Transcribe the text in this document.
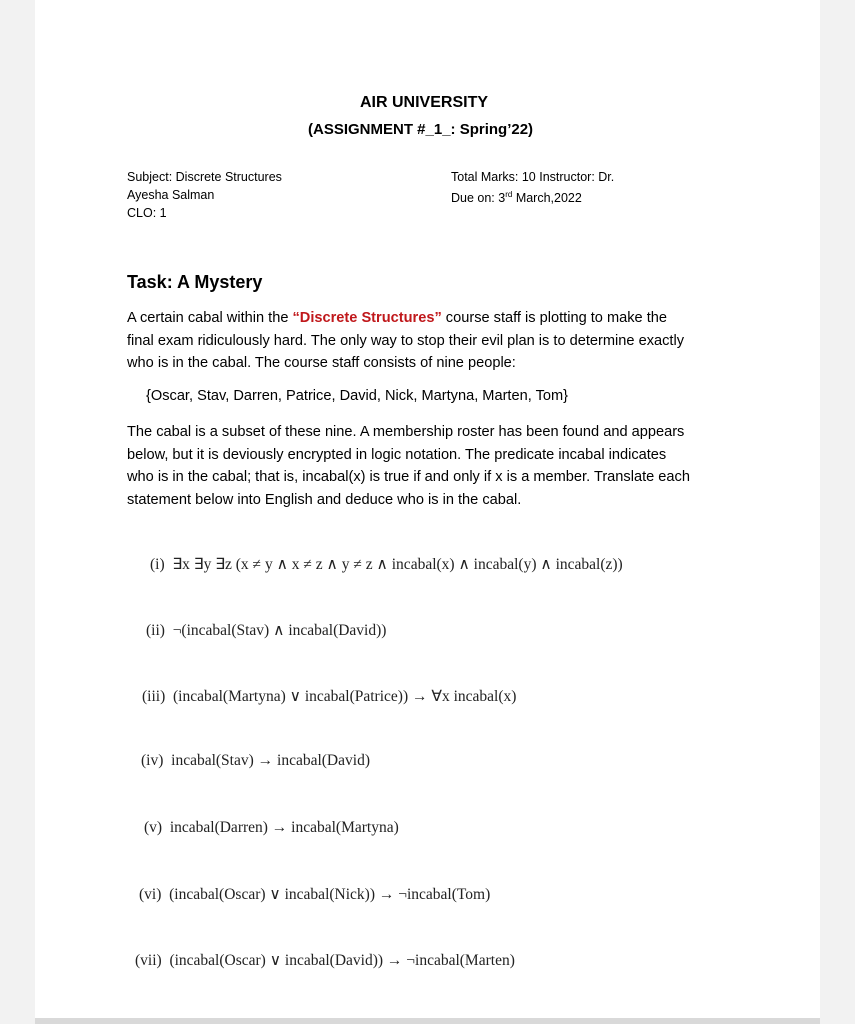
AIR UNIVERSITY
(ASSIGNMENT #_1_: Spring’22)
Subject: Discrete Structures
Ayesha Salman
CLO: 1
Total Marks: 10 Instructor: Dr.
Due on: 3rd March,2022
Task: A Mystery
A certain cabal within the “Discrete Structures” course staff is plotting to make the final exam ridiculously hard. The only way to stop their evil plan is to determine exactly who is in the cabal. The course staff consists of nine people:
{Oscar, Stav, Darren, Patrice, David, Nick, Martyna, Marten, Tom}
The cabal is a subset of these nine. A membership roster has been found and appears below, but it is deviously encrypted in logic notation. The predicate incabal indicates who is in the cabal; that is, incabal(x) is true if and only if x is a member. Translate each statement below into English and deduce who is in the cabal.
(i) ∃x ∃y ∃z (x ≠ y ∧ x ≠ z ∧ y ≠ z ∧ incabal(x) ∧ incabal(y) ∧ incabal(z))
(ii) ¬(incabal(Stav) ∧ incabal(David))
(iii) (incabal(Martyna) ∨ incabal(Patrice)) → ∀x incabal(x)
(iv) incabal(Stav) → incabal(David)
(v) incabal(Darren) → incabal(Martyna)
(vi) (incabal(Oscar) ∨ incabal(Nick)) → ¬incabal(Tom)
(vii) (incabal(Oscar) ∨ incabal(David)) → ¬incabal(Marten)
